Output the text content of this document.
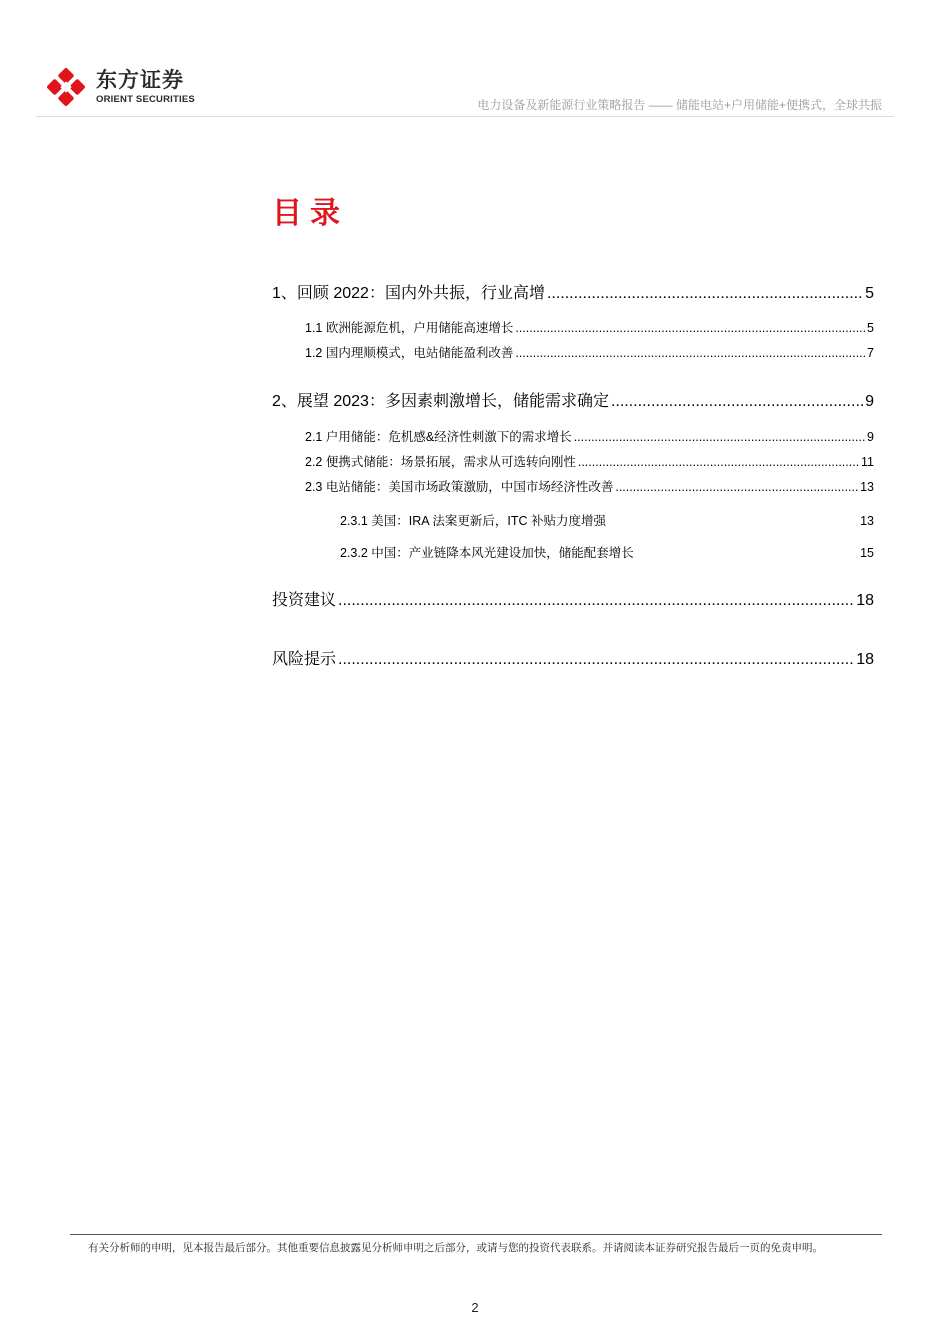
东方证券
ORIENT SECURITIES	电力设备及新能源行业策略报告 —— 储能电站+户用储能+便携式，全球共振
目录
1、回顾 2022：国内外共振，行业高增 .....	5
1.1 欧洲能源危机，户用储能高速增长 .....	5
1.2 国内理顺模式，电站储能盈利改善 .....	7
2、展望 2023：多因素刺激增长，储能需求确定 .....	9
2.1 户用储能：危机感&经济性刺激下的需求增长 .....	9
2.2 便携式储能：场景拓展，需求从可选转向刚性 .....	11
2.3 电站储能：美国市场政策激励，中国市场经济性改善 .....	13
2.3.1 美国：IRA 法案更新后，ITC 补贴力度增强	13
2.3.2 中国：产业链降本风光建设加快，储能配套增长	15
投资建议 .....	18
风险提示 .....	18
有关分析师的申明，见本报告最后部分。其他重要信息披露见分析师申明之后部分，或请与您的投资代表联系。并请阅读本证券研究报告最后一页的免责申明。
2
